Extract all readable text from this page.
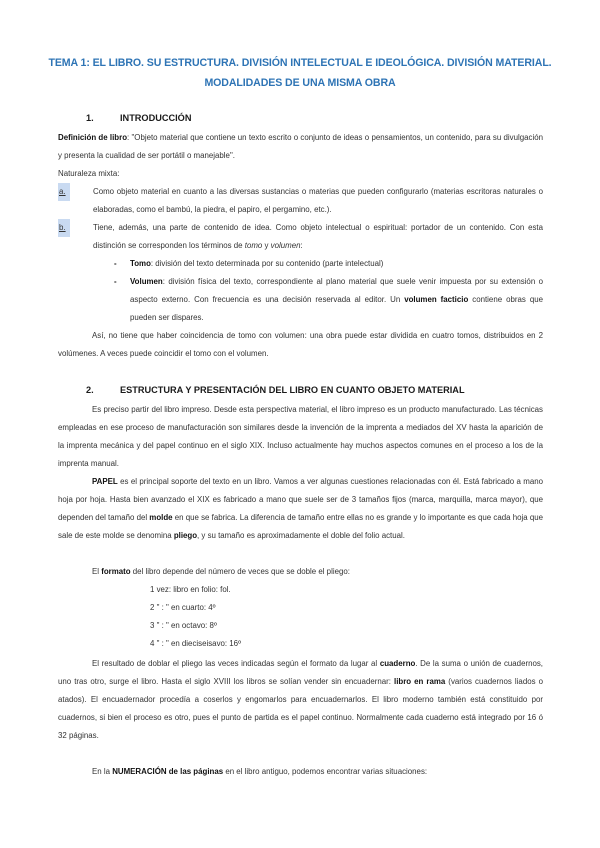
TEMA 1: EL LIBRO. SU ESTRUCTURA. DIVISIÓN INTELECTUAL E IDEOLÓGICA. DIVISIÓN MATERIAL.
MODALIDADES DE UNA MISMA OBRA
1.	INTRODUCCIÓN
Definición de libro: "Objeto material que contiene un texto escrito o conjunto de ideas o pensamientos, un contenido, para su divulgación y presenta la cualidad de ser portátil o manejable".
Naturaleza mixta:
a.	Como objeto material en cuanto a las diversas sustancias o materias que pueden configurarlo (materias escritoras naturales o elaboradas, como el bambú, la piedra, el papiro, el pergamino, etc.).
b.	Tiene, además, una parte de contenido de idea. Como objeto intelectual o espiritual: portador de un contenido. Con esta distinción se corresponden los términos de tomo y volumen:
- Tomo: división del texto determinada por su contenido (parte intelectual)
- Volumen: división física del texto, correspondiente al plano material que suele venir impuesta por su extensión o aspecto externo. Con frecuencia es una decisión reservada al editor. Un volumen facticio contiene obras que pueden ser dispares.
Así, no tiene que haber coincidencia de tomo con volumen: una obra puede estar dividida en cuatro tomos, distribuidos en 2 volúmenes. A veces puede coincidir el tomo con el volumen.
2.	ESTRUCTURA Y PRESENTACIÓN DEL LIBRO EN CUANTO OBJETO MATERIAL
Es preciso partir del libro impreso. Desde esta perspectiva material, el libro impreso es un producto manufacturado. Las técnicas empleadas en ese proceso de manufacturación son similares desde la invención de la imprenta a mediados del XV hasta la aparición de la imprenta mecánica y del papel continuo en el siglo XIX. Incluso actualmente hay muchos aspectos comunes en el proceso a los de la imprenta manual.
PAPEL es el principal soporte del texto en un libro. Vamos a ver algunas cuestiones relacionadas con él. Está fabricado a mano hoja por hoja. Hasta bien avanzado el XIX es fabricado a mano que suele ser de 3 tamaños fijos (marca, marquilla, marca mayor), que dependen del tamaño del molde en que se fabrica. La diferencia de tamaño entre ellas no es grande y lo importante es que cada hoja que sale de este molde se denomina pliego, y su tamaño es aproximadamente el doble del folio actual.
El formato del libro depende del número de veces que se doble el pliego:
1 vez: libro en folio: fol.
2 " : " en cuarto: 4º
3 " : " en octavo: 8º
4 " : " en dieciseisavo: 16º
El resultado de doblar el pliego las veces indicadas según el formato da lugar al cuaderno. De la suma o unión de cuadernos, uno tras otro, surge el libro. Hasta el siglo XVIII los libros se solían vender sin encuadernar: libro en rama (varios cuadernos liados o atados). El encuadernador procedía a coserlos y engomarlos para encuadernarlos. El libro moderno también está constituido por cuadernos, si bien el proceso es otro, pues el punto de partida es el papel continuo. Normalmente cada cuaderno está integrado por 16 ó 32 páginas.
En la NUMERACIÓN de las páginas en el libro antiguo, podemos encontrar varias situaciones:
